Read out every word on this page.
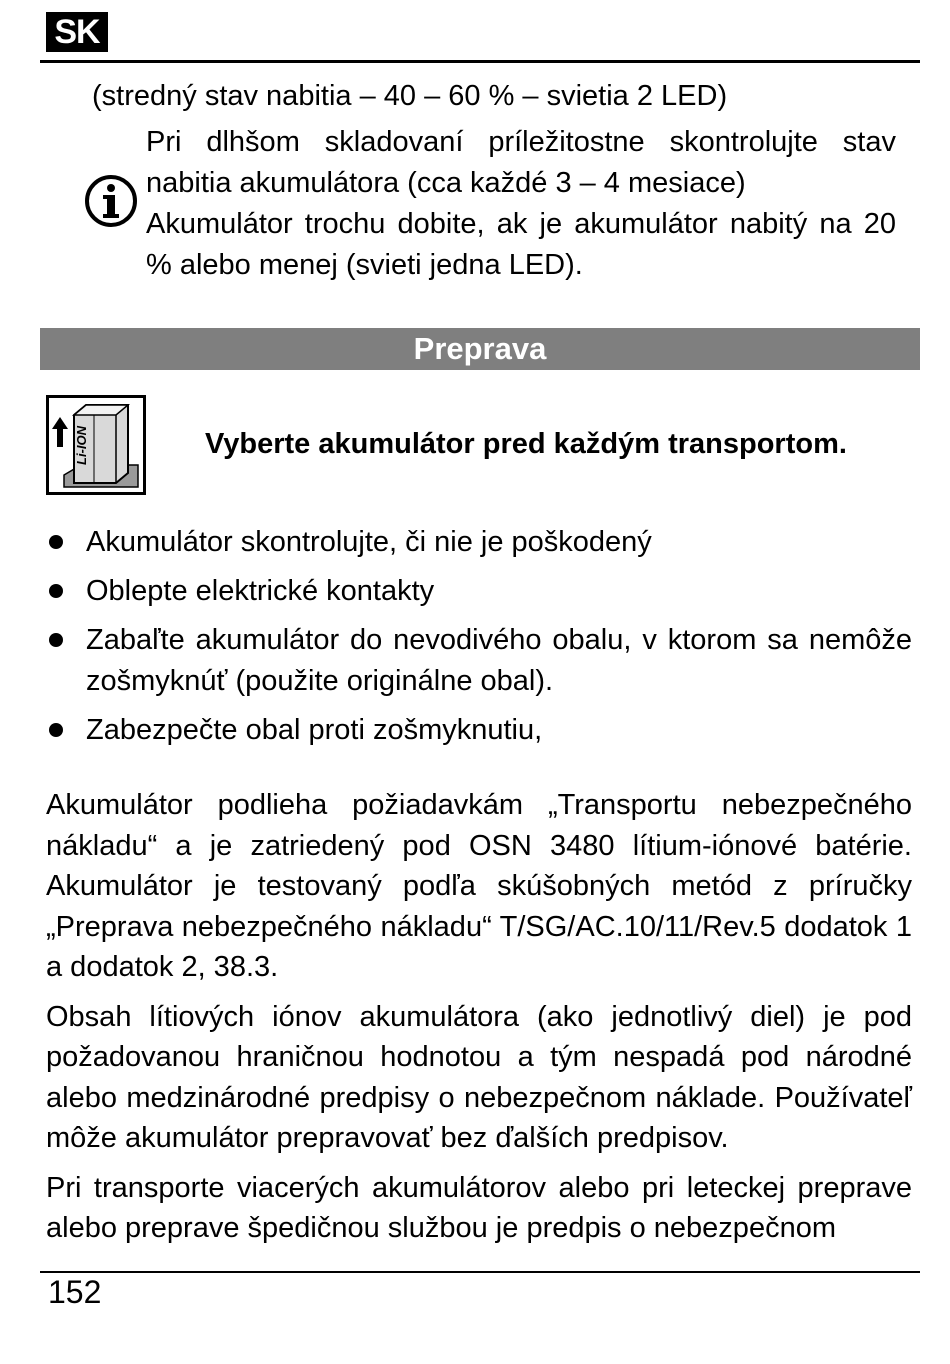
SK
(stredný stav nabitia – 40 – 60 % – svietia 2 LED)

Pri dlhšom skladovaní príležitostne skontrolujte stav nabitia akumulátora (cca každé 3 – 4 mesiace)

Akumulátor trochu dobite, ak je akumulátor nabitý na 20 % alebo menej (svieti jedna LED).

Preprava
Li-ION	Vyberte akumulátor pred každým transportom.
Akumulátor skontrolujte, či nie je poškodený
Oblepte elektrické kontakty
Zabaľte akumulátor do nevodivého obalu, v ktorom sa nemôže zošmyknúť (použite originálne obal).
Zabezpečte obal proti zošmyknutiu,

Akumulátor podlieha požiadavkám „Transportu nebezpečného nákladu“ a je zatriedený pod OSN 3480 lítium-iónové batérie. Akumulátor je testovaný podľa skúšobných metód z príručky „Preprava nebezpečného nákladu“ T/SG/AC.10/11/Rev.5 dodatok 1 a dodatok 2, 38.3.

Obsah lítiových iónov akumulátora (ako jednotlivý diel) je pod požadovanou hraničnou hodnotou a tým nespadá pod národné alebo medzinárodné predpisy o nebezpečnom náklade. Používateľ môže akumulátor prepravovať bez ďalších predpisov.

Pri transporte viacerých akumulátorov alebo pri leteckej preprave alebo preprave špedičnou službou je predpis o nebezpečnom

152
